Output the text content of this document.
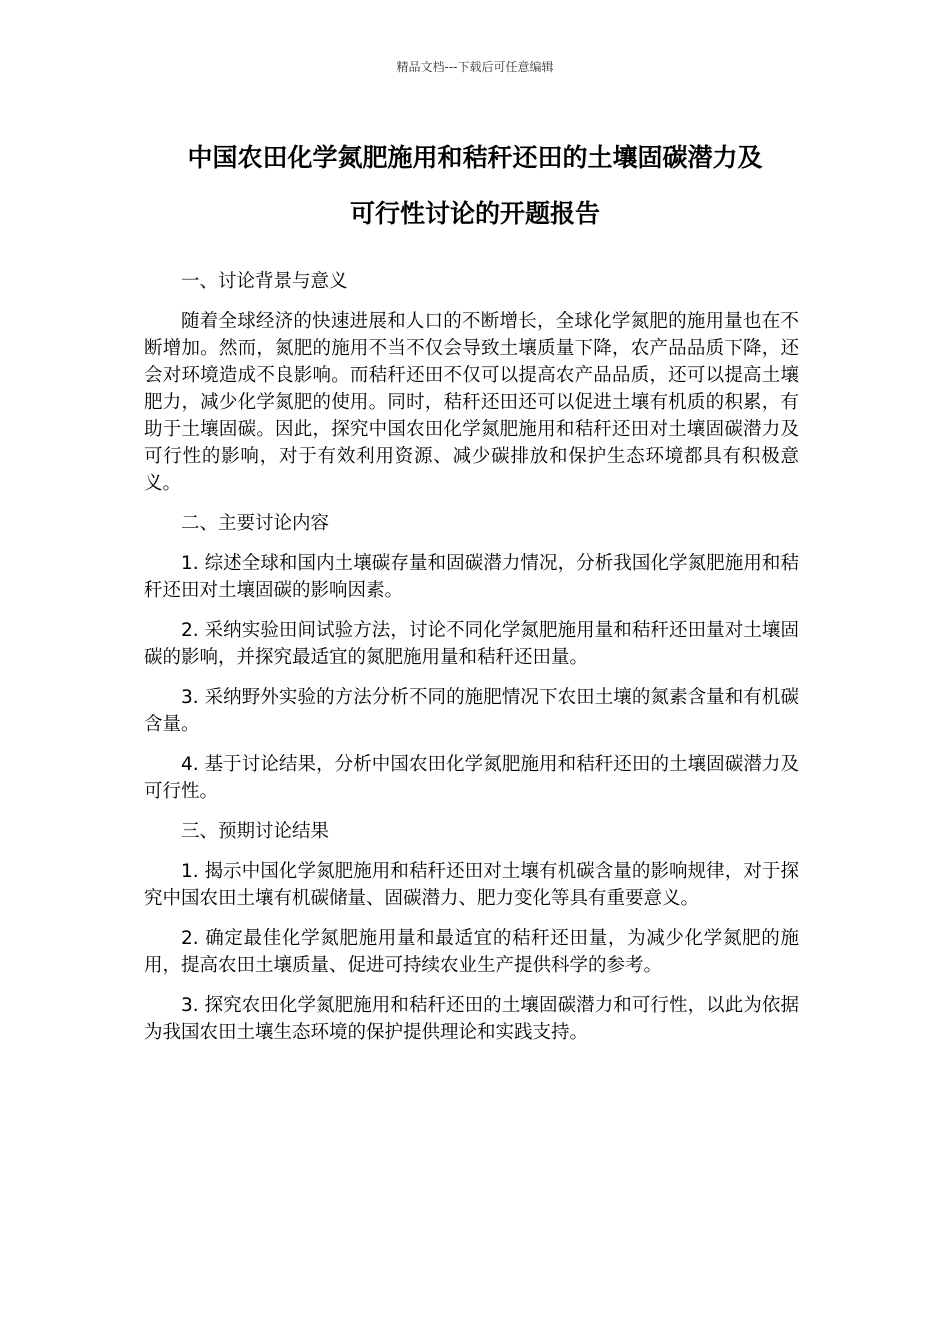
精品文档---下载后可任意编辑
中国农田化学氮肥施用和秸秆还田的土壤固碳潜力及
可行性讨论的开题报告
一、讨论背景与意义
随着全球经济的快速进展和人口的不断增长，全球化学氮肥的施用量也在不断增加。然而，氮肥的施用不当不仅会导致土壤质量下降，农产品品质下降，还会对环境造成不良影响。而秸秆还田不仅可以提高农产品品质，还可以提高土壤肥力，减少化学氮肥的使用。同时，秸秆还田还可以促进土壤有机质的积累，有助于土壤固碳。因此，探究中国农田化学氮肥施用和秸秆还田对土壤固碳潜力及可行性的影响，对于有效利用资源、减少碳排放和保护生态环境都具有积极意义。
二、主要讨论内容
1. 综述全球和国内土壤碳存量和固碳潜力情况，分析我国化学氮肥施用和秸秆还田对土壤固碳的影响因素。
2. 采纳实验田间试验方法，讨论不同化学氮肥施用量和秸秆还田量对土壤固碳的影响，并探究最适宜的氮肥施用量和秸秆还田量。
3. 采纳野外实验的方法分析不同的施肥情况下农田土壤的氮素含量和有机碳含量。
4. 基于讨论结果，分析中国农田化学氮肥施用和秸秆还田的土壤固碳潜力及可行性。
三、预期讨论结果
1. 揭示中国化学氮肥施用和秸秆还田对土壤有机碳含量的影响规律，对于探究中国农田土壤有机碳储量、固碳潜力、肥力变化等具有重要意义。
2. 确定最佳化学氮肥施用量和最适宜的秸秆还田量，为减少化学氮肥的施用，提高农田土壤质量、促进可持续农业生产提供科学的参考。
3. 探究农田化学氮肥施用和秸秆还田的土壤固碳潜力和可行性，以此为依据为我国农田土壤生态环境的保护提供理论和实践支持。
